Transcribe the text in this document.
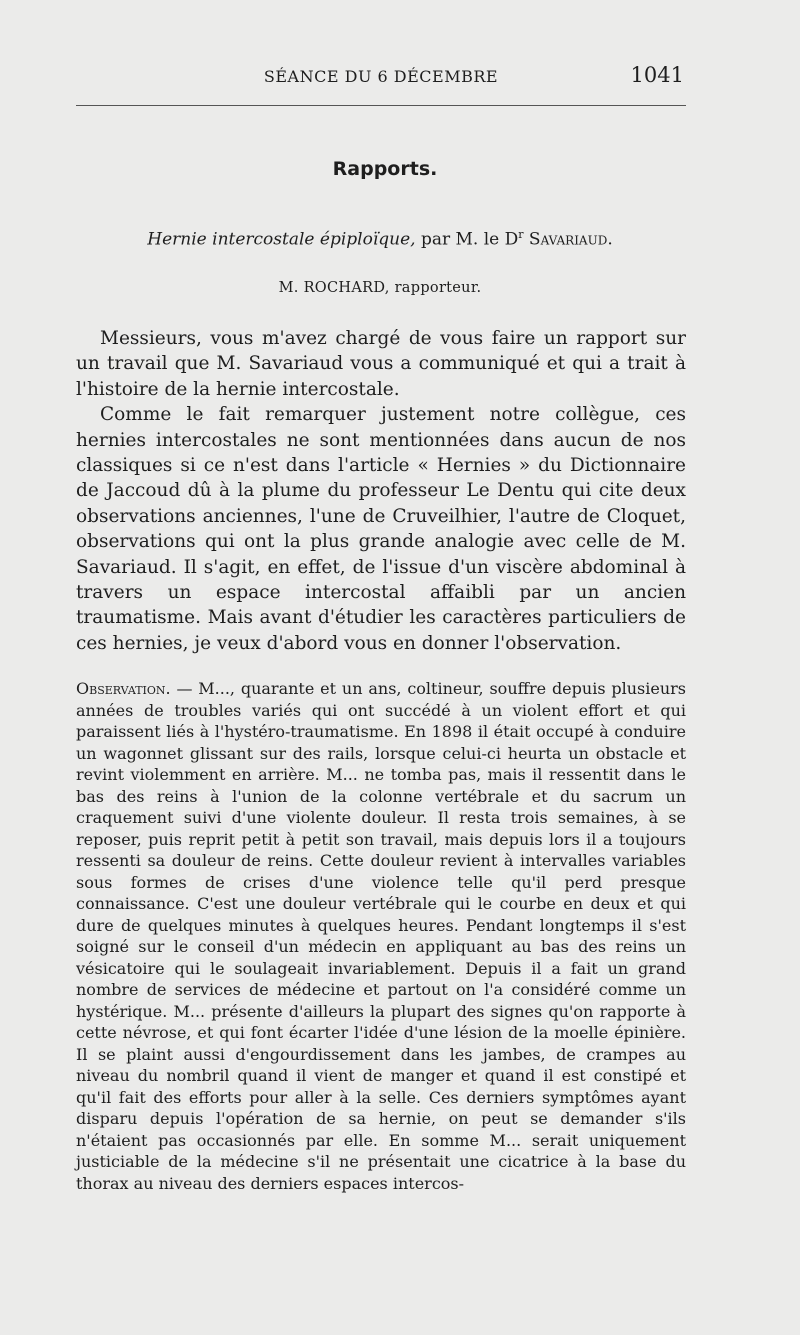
SÉANCE DU 6 DÉCEMBRE	1041
Rapports.
Hernie intercostale épiploïque, par M. le $D^r$ Savariaud.
M. ROCHARD, rapporteur.

Messieurs, vous m'avez chargé de vous faire un rapport sur un travail que M. Savariaud vous a communiqué et qui a trait à l'histoire de la hernie intercostale.

Comme le fait remarquer justement notre collègue, ces hernies intercostales ne sont mentionnées dans aucun de nos classiques si ce n'est dans l'article « Hernies » du Dictionnaire de Jaccoud dû à la plume du professeur Le Dentu qui cite deux observations anciennes, l'une de Cruveilhier, l'autre de Cloquet, observations qui ont la plus grande analogie avec celle de M. Savariaud. Il s'agit, en effet, de l'issue d'un viscère abdominal à travers un espace intercostal affaibli par un ancien traumatisme. Mais avant d'étudier les caractères particuliers de ces hernies, je veux d'abord vous en donner l'observation.

Observation. — M..., quarante et un ans, coltineur, souffre depuis plusieurs années de troubles variés qui ont succédé à un violent effort et qui paraissent liés à l'hystéro-traumatisme. En 1898 il était occupé à conduire un wagonnet glissant sur des rails, lorsque celui-ci heurta un obstacle et revint violemment en arrière. M... ne tomba pas, mais il ressentit dans le bas des reins à l'union de la colonne vertébrale et du sacrum un craquement suivi d'une violente douleur. Il resta trois semaines, à se reposer, puis reprit petit à petit son travail, mais depuis lors il a toujours ressenti sa douleur de reins. Cette douleur revient à intervalles variables sous formes de crises d'une violence telle qu'il perd presque connaissance. C'est une douleur vertébrale qui le courbe en deux et qui dure de quelques minutes à quelques heures. Pendant longtemps il s'est soigné sur le conseil d'un médecin en appliquant au bas des reins un vésicatoire qui le soulageait invariablement. Depuis il a fait un grand nombre de services de médecine et partout on l'a considéré comme un hystérique. M... présente d'ailleurs la plupart des signes qu'on rapporte à cette névrose, et qui font écarter l'idée d'une lésion de la moelle épinière. Il se plaint aussi d'engourdissement dans les jambes, de crampes au niveau du nombril quand il vient de manger et quand il est constipé et qu'il fait des efforts pour aller à la selle. Ces derniers symptômes ayant disparu depuis l'opération de sa hernie, on peut se demander s'ils n'étaient pas occasionnés par elle. En somme M... serait uniquement justiciable de la médecine s'il ne présentait une cicatrice à la base du thorax au niveau des derniers espaces intercos-
